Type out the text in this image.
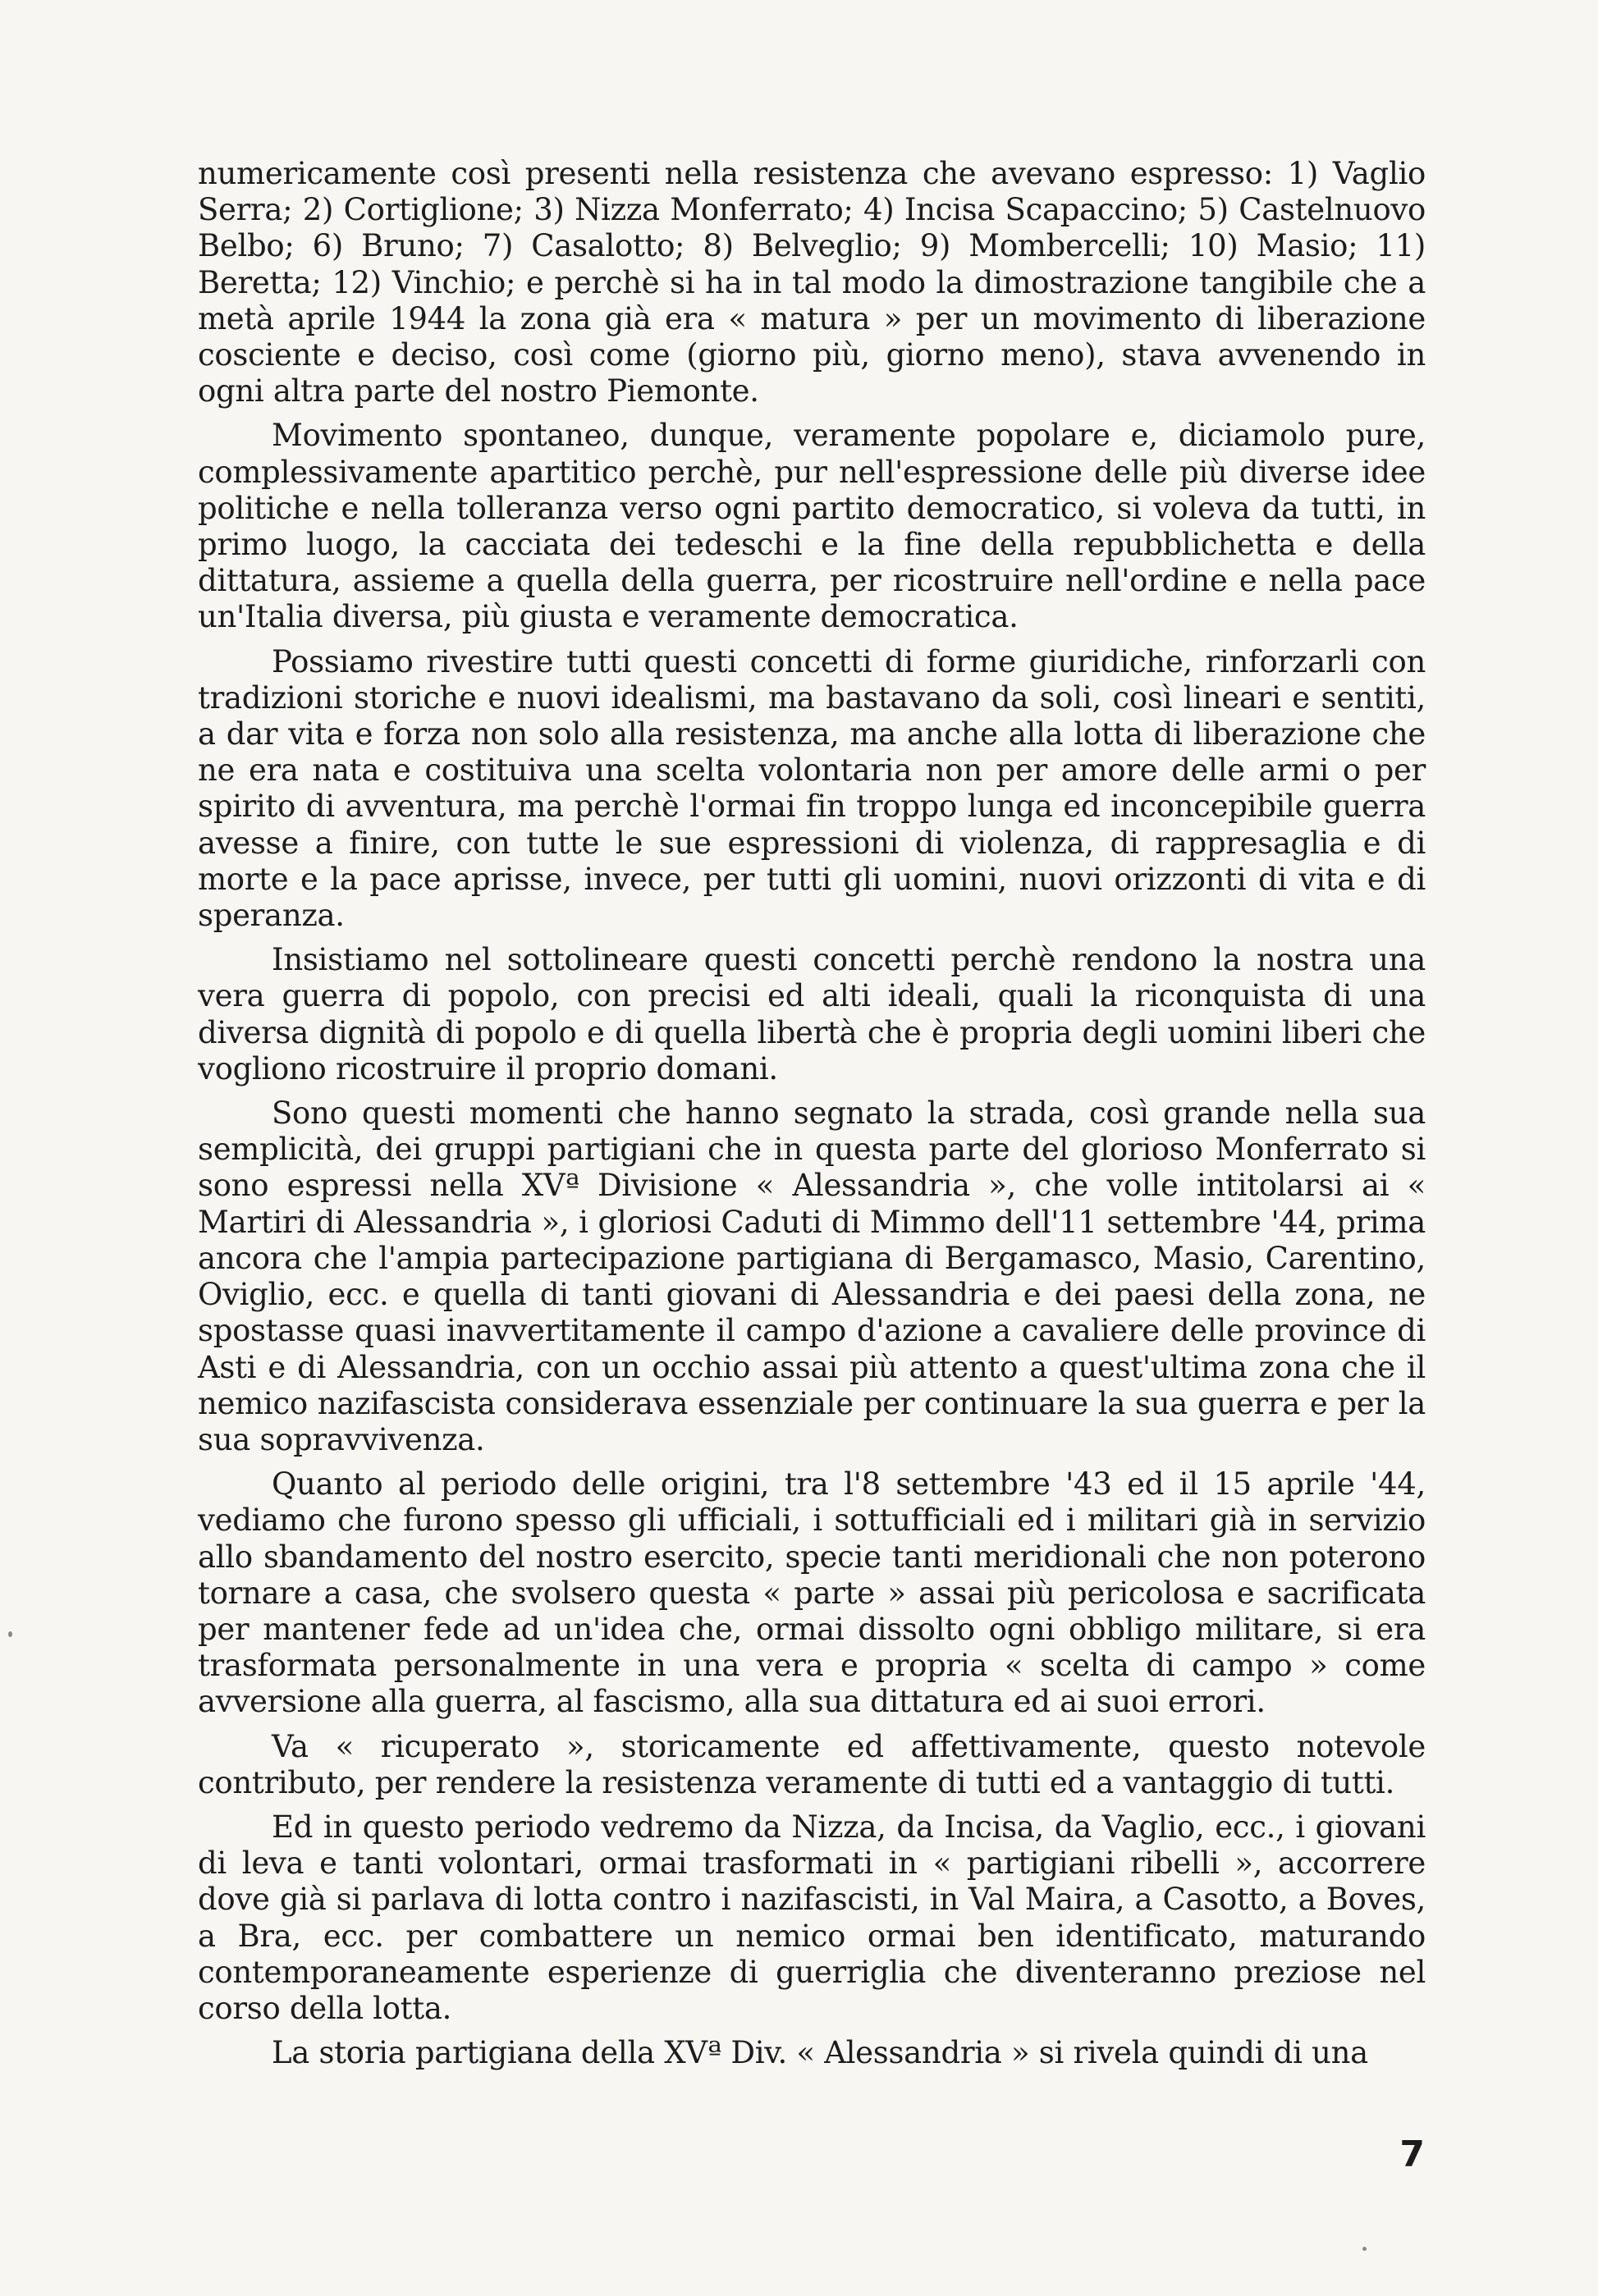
numericamente così presenti nella resistenza che avevano espresso: 1) Vaglio Serra; 2) Cortiglione; 3) Nizza Monferrato; 4) Incisa Scapaccino; 5) Castelnuovo Belbo; 6) Bruno; 7) Casalotto; 8) Belveglio; 9) Mombercelli; 10) Masio; 11) Beretta; 12) Vinchio; e perchè si ha in tal modo la dimostrazione tangibile che a metà aprile 1944 la zona già era « matura » per un movimento di liberazione cosciente e deciso, così come (giorno più, giorno meno), stava avvenendo in ogni altra parte del nostro Piemonte.

Movimento spontaneo, dunque, veramente popolare e, diciamolo pure, complessivamente apartitico perchè, pur nell'espressione delle più diverse idee politiche e nella tolleranza verso ogni partito democratico, si voleva da tutti, in primo luogo, la cacciata dei tedeschi e la fine della repubblichetta e della dittatura, assieme a quella della guerra, per ricostruire nell'ordine e nella pace un'Italia diversa, più giusta e veramente democratica.

Possiamo rivestire tutti questi concetti di forme giuridiche, rinforzarli con tradizioni storiche e nuovi idealismi, ma bastavano da soli, così lineari e sentiti, a dar vita e forza non solo alla resistenza, ma anche alla lotta di liberazione che ne era nata e costituiva una scelta volontaria non per amore delle armi o per spirito di avventura, ma perchè l'ormai fin troppo lunga ed inconcepibile guerra avesse a finire, con tutte le sue espressioni di violenza, di rappresaglia e di morte e la pace aprisse, invece, per tutti gli uomini, nuovi orizzonti di vita e di speranza.

Insistiamo nel sottolineare questi concetti perchè rendono la nostra una vera guerra di popolo, con precisi ed alti ideali, quali la riconquista di una diversa dignità di popolo e di quella libertà che è propria degli uomini liberi che vogliono ricostruire il proprio domani.

Sono questi momenti che hanno segnato la strada, così grande nella sua semplicità, dei gruppi partigiani che in questa parte del glorioso Monferrato si sono espressi nella XVª Divisione « Alessandria », che volle intitolarsi ai « Martiri di Alessandria », i gloriosi Caduti di Mimmo dell'11 settembre '44, prima ancora che l'ampia partecipazione partigiana di Bergamasco, Masio, Carentino, Oviglio, ecc. e quella di tanti giovani di Alessandria e dei paesi della zona, ne spostasse quasi inavvertitamente il campo d'azione a cavaliere delle province di Asti e di Alessandria, con un occhio assai più attento a quest'ultima zona che il nemico nazifascista considerava essenziale per continuare la sua guerra e per la sua sopravvivenza.

Quanto al periodo delle origini, tra l'8 settembre '43 ed il 15 aprile '44, vediamo che furono spesso gli ufficiali, i sottufficiali ed i militari già in servizio allo sbandamento del nostro esercito, specie tanti meridionali che non poterono tornare a casa, che svolsero questa « parte » assai più pericolosa e sacrificata per mantener fede ad un'idea che, ormai dissolto ogni obbligo militare, si era trasformata personalmente in una vera e propria « scelta di campo » come avversione alla guerra, al fascismo, alla sua dittatura ed ai suoi errori.

Va « ricuperato », storicamente ed affettivamente, questo notevole contributo, per rendere la resistenza veramente di tutti ed a vantaggio di tutti.

Ed in questo periodo vedremo da Nizza, da Incisa, da Vaglio, ecc., i giovani di leva e tanti volontari, ormai trasformati in « partigiani ribelli », accorrere dove già si parlava di lotta contro i nazifascisti, in Val Maira, a Casotto, a Boves, a Bra, ecc. per combattere un nemico ormai ben identificato, maturando contemporaneamente esperienze di guerriglia che diventeranno preziose nel corso della lotta.

La storia partigiana della XVª Div. « Alessandria » si rivela quindi di una

7
